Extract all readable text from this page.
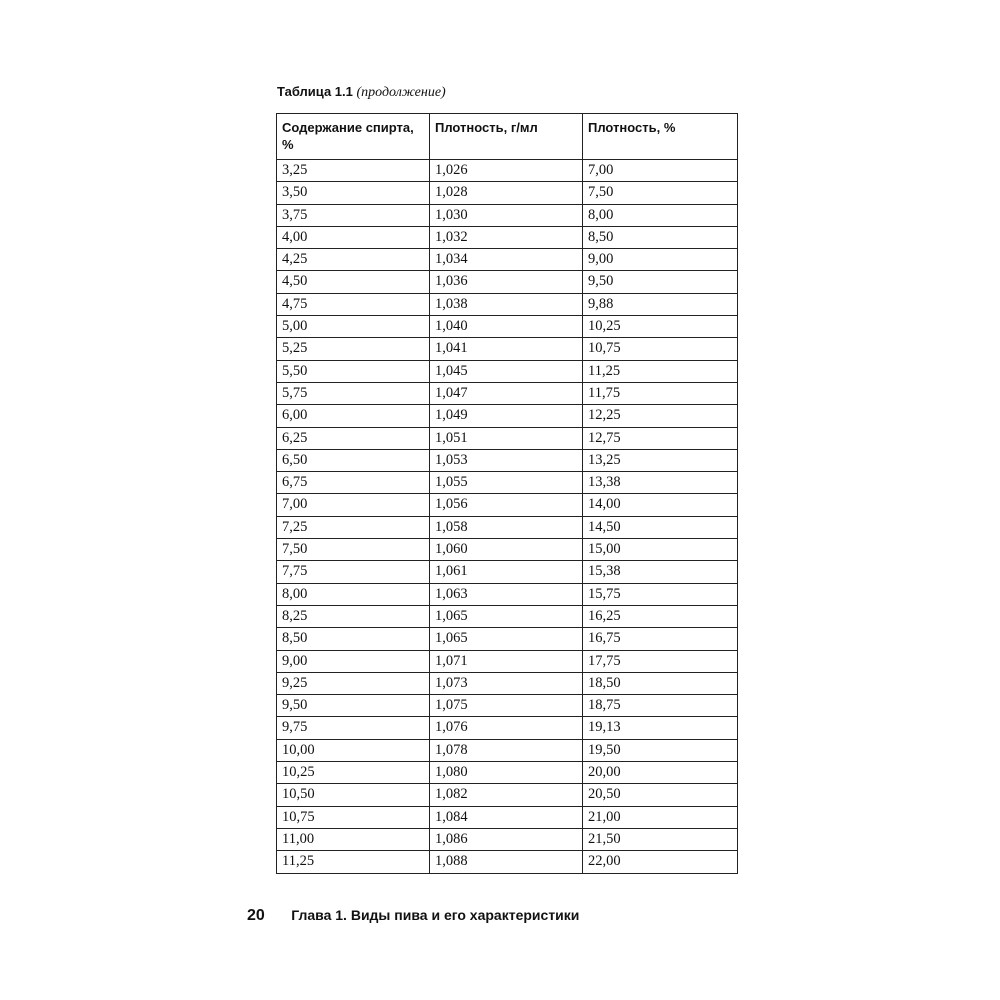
Таблица 1.1 (продолжение)
Содержание спирта, %	Плотность, г/мл	Плотность, %
3,25	1,026	7,00
3,50	1,028	7,50
3,75	1,030	8,00
4,00	1,032	8,50
4,25	1,034	9,00
4,50	1,036	9,50
4,75	1,038	9,88
5,00	1,040	10,25
5,25	1,041	10,75
5,50	1,045	11,25
5,75	1,047	11,75
6,00	1,049	12,25
6,25	1,051	12,75
6,50	1,053	13,25
6,75	1,055	13,38
7,00	1,056	14,00
7,25	1,058	14,50
7,50	1,060	15,00
7,75	1,061	15,38
8,00	1,063	15,75
8,25	1,065	16,25
8,50	1,065	16,75
9,00	1,071	17,75
9,25	1,073	18,50
9,50	1,075	18,75
9,75	1,076	19,13
10,00	1,078	19,50
10,25	1,080	20,00
10,50	1,082	20,50
10,75	1,084	21,00
11,00	1,086	21,50
11,25	1,088	22,00
20 Глава 1. Виды пива и его характеристики
